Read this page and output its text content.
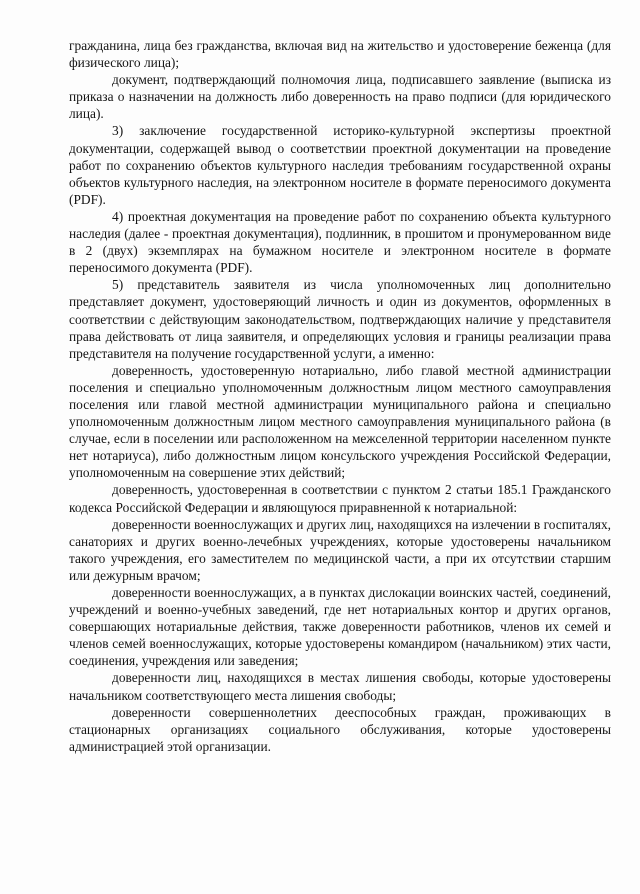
гражданина, лица без гражданства, включая вид на жительство и удостоверение беженца (для физического лица);

документ, подтверждающий полномочия лица, подписавшего заявление (выписка из приказа о назначении на должность либо доверенность на право подписи (для юридического лица).

3) заключение государственной историко-культурной экспертизы проектной документации, содержащей вывод о соответствии проектной документации на проведение работ по сохранению объектов культурного наследия требованиям государственной охраны объектов культурного наследия, на электронном носителе в формате переносимого документа (PDF).

4) проектная документация на проведение работ по сохранению объекта культурного наследия (далее - проектная документация), подлинник, в прошитом и пронумерованном виде в 2 (двух) экземплярах на бумажном носителе и электронном носителе в формате переносимого документа (PDF).

5) представитель заявителя из числа уполномоченных лиц дополнительно представляет документ, удостоверяющий личность и один из документов, оформленных в соответствии с действующим законодательством, подтверждающих наличие у представителя права действовать от лица заявителя, и определяющих условия и границы реализации права представителя на получение государственной услуги, а именно:

доверенность, удостоверенную нотариально, либо главой местной администрации поселения и специально уполномоченным должностным лицом местного самоуправления поселения или главой местной администрации муниципального района и специально уполномоченным должностным лицом местного самоуправления муниципального района (в случае, если в поселении или расположенном на межселенной территории населенном пункте нет нотариуса), либо должностным лицом консульского учреждения Российской Федерации, уполномоченным на совершение этих действий;

доверенность, удостоверенная в соответствии с пунктом 2 статьи 185.1 Гражданского кодекса Российской Федерации и являющуюся приравненной к нотариальной:

доверенности военнослужащих и других лиц, находящихся на излечении в госпиталях, санаториях и других военно-лечебных учреждениях, которые удостоверены начальником такого учреждения, его заместителем по медицинской части, а при их отсутствии старшим или дежурным врачом;

доверенности военнослужащих, а в пунктах дислокации воинских частей, соединений, учреждений и военно-учебных заведений, где нет нотариальных контор и других органов, совершающих нотариальные действия, также доверенности работников, членов их семей и членов семей военнослужащих, которые удостоверены командиром (начальником) этих части, соединения, учреждения или заведения;

доверенности лиц, находящихся в местах лишения свободы, которые удостоверены начальником соответствующего места лишения свободы;

доверенности совершеннолетних дееспособных граждан, проживающих в стационарных организациях социального обслуживания, которые удостоверены администрацией этой организации.
